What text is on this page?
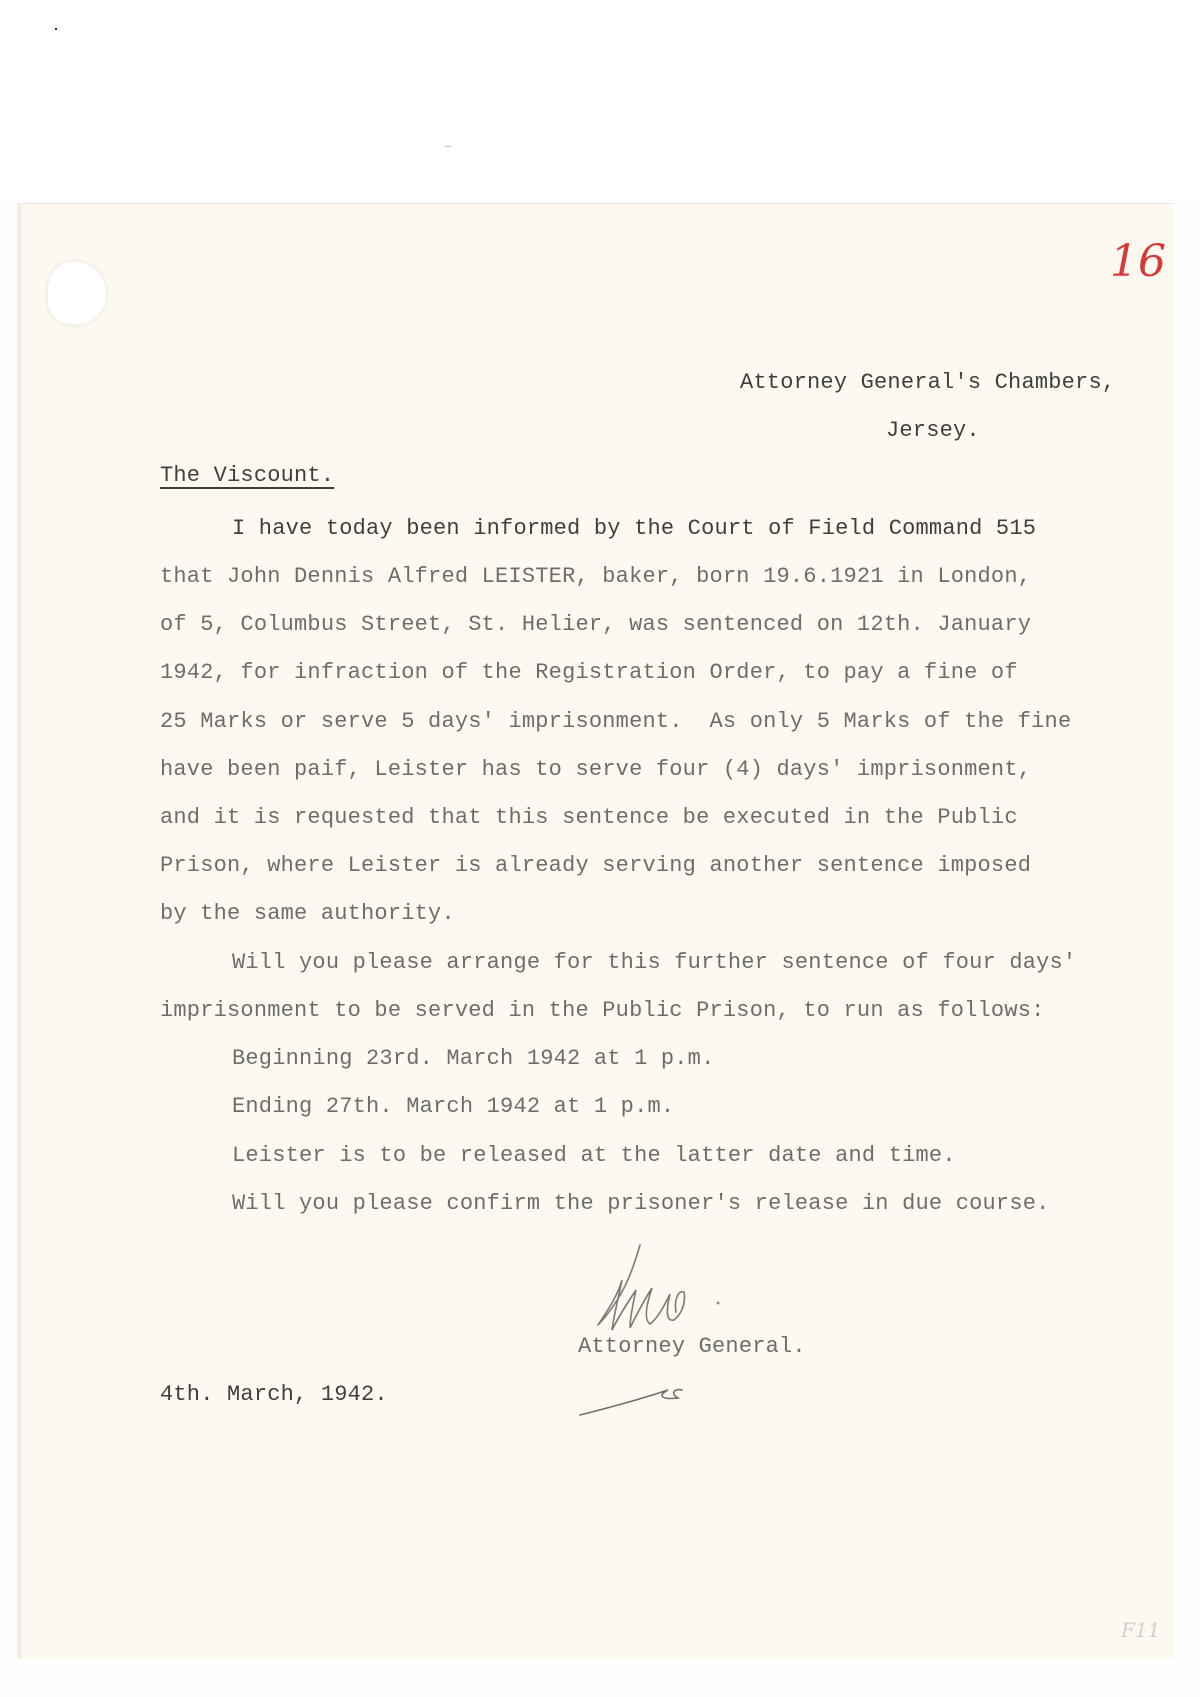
16

Attorney General's Chambers,

Jersey.

The Viscount.

I have today been informed by the Court of Field Command 515

that John Dennis Alfred LEISTER, baker, born 19.6.1921 in London,

of 5, Columbus Street, St. Helier, was sentenced on 12th. January

1942, for infraction of the Registration Order, to pay a fine of

25 Marks or serve 5 days' imprisonment.  As only 5 Marks of the fine

have been paif, Leister has to serve four (4) days' imprisonment,

and it is requested that this sentence be executed in the Public

Prison, where Leister is already serving another sentence imposed

by the same authority.

Will you please arrange for this further sentence of four days'

imprisonment to be served in the Public Prison, to run as follows:

Beginning 23rd. March 1942 at 1 p.m.

Ending 27th. March 1942 at 1 p.m.

Leister is to be released at the latter date and time.

Will you please confirm the prisoner's release in due course.

Attorney General.

4th. March, 1942.

F11
